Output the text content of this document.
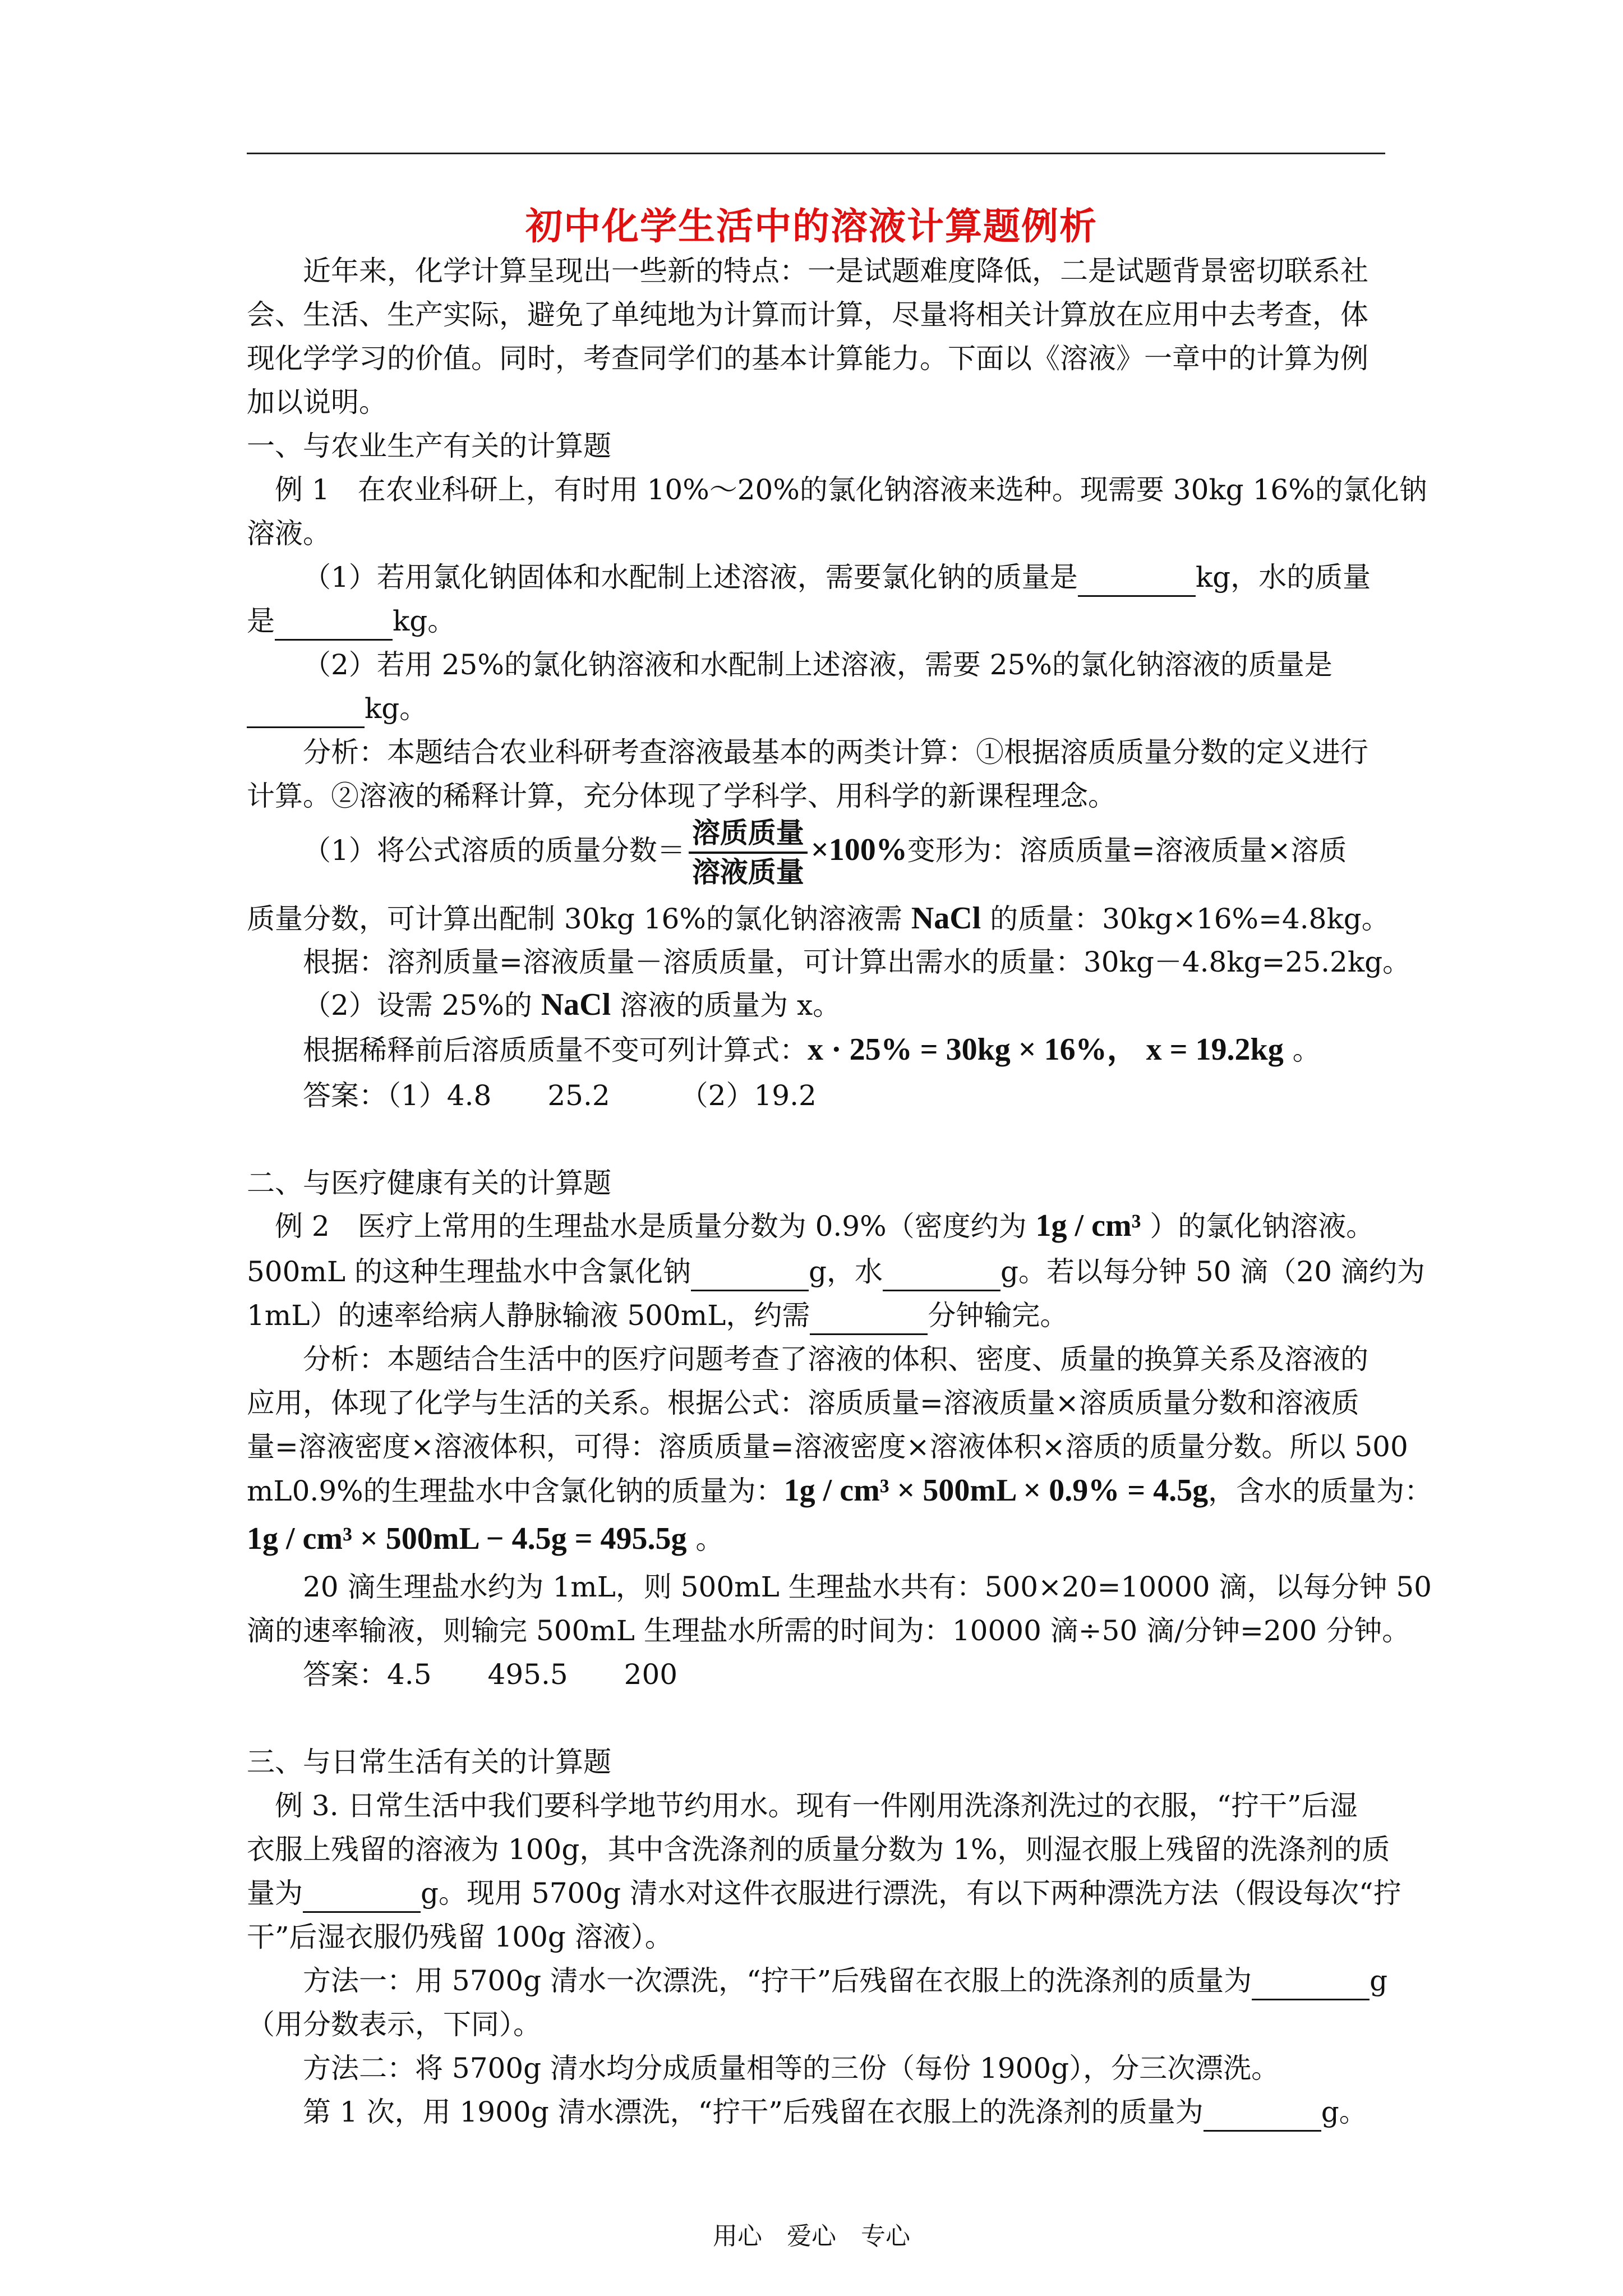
初中化学生活中的溶液计算题例析
近年来，化学计算呈现出一些新的特点：一是试题难度降低，二是试题背景密切联系社
会、生活、生产实际，避免了单纯地为计算而计算，尽量将相关计算放在应用中去考查，体
现化学学习的价值。同时，考查同学们的基本计算能力。下面以《溶液》一章中的计算为例
加以说明。
一、与农业生产有关的计算题
例 1　在农业科研上，有时用 10%～20%的氯化钠溶液来选种。现需要 30kg 16%的氯化钠
溶液。
（1）若用氯化钠固体和水配制上述溶液，需要氯化钠的质量是	kg，水的质量
是	kg。
（2）若用 25%的氯化钠溶液和水配制上述溶液，需要 25%的氯化钠溶液的质量是
kg。
分析：本题结合农业科研考查溶液最基本的两类计算：①根据溶质质量分数的定义进行
计算。②溶液的稀释计算，充分体现了学科学、用科学的新课程理念。
（1）将公式溶质的质量分数＝ $\frac{\text{溶质质量}}{\text{溶液质量}} \times 100\%$变形为：溶质质量=溶液质量×溶质
质量分数，可计算出配制 30kg 16%的氯化钠溶液需 NaCl 的质量：30kg×16%=4.8kg。
根据：溶剂质量=溶液质量－溶质质量，可计算出需水的质量：30kg－4.8kg=25.2kg。
（2）设需 25%的 NaCl 溶液的质量为 x。
根据稀释前后溶质质量不变可列计算式：x · 25% = 30kg × 16%， x = 19.2kg 。
答案：（1）4.8　　25.2　　　（2）19.2
二、与医疗健康有关的计算题
例 2　医疗上常用的生理盐水是质量分数为 0.9%（密度约为 1g / cm³ ）的氯化钠溶液。
500mL 的这种生理盐水中含氯化钠	g，水	g。若以每分钟 50 滴（20 滴约为
1mL）的速率给病人静脉输液 500mL，约需	分钟输完。
分析：本题结合生活中的医疗问题考查了溶液的体积、密度、质量的换算关系及溶液的
应用，体现了化学与生活的关系。根据公式：溶质质量=溶液质量×溶质质量分数和溶液质
量=溶液密度×溶液体积，可得：溶质质量=溶液密度×溶液体积×溶质的质量分数。所以 500
mL0.9%的生理盐水中含氯化钠的质量为：1g / cm³ × 500mL × 0.9% = 4.5g，含水的质量为：
1g / cm³ × 500mL − 4.5g = 495.5g 。
20 滴生理盐水约为 1mL，则 500mL 生理盐水共有：500×20=10000 滴，以每分钟 50
滴的速率输液，则输完 500mL 生理盐水所需的时间为：10000 滴÷50 滴/分钟=200 分钟。
答案：4.5　　495.5　　200
三、与日常生活有关的计算题
例 3. 日常生活中我们要科学地节约用水。现有一件刚用洗涤剂洗过的衣服，“拧干”后湿
衣服上残留的溶液为 100g，其中含洗涤剂的质量分数为 1%，则湿衣服上残留的洗涤剂的质
量为	g。现用 5700g 清水对这件衣服进行漂洗，有以下两种漂洗方法（假设每次“拧
干”后湿衣服仍残留 100g 溶液）。
方法一：用 5700g 清水一次漂洗，“拧干”后残留在衣服上的洗涤剂的质量为	g
（用分数表示，下同）。
方法二：将 5700g 清水均分成质量相等的三份（每份 1900g），分三次漂洗。
第 1 次，用 1900g 清水漂洗，“拧干”后残留在衣服上的洗涤剂的质量为	g。
用心　爱心　专心
